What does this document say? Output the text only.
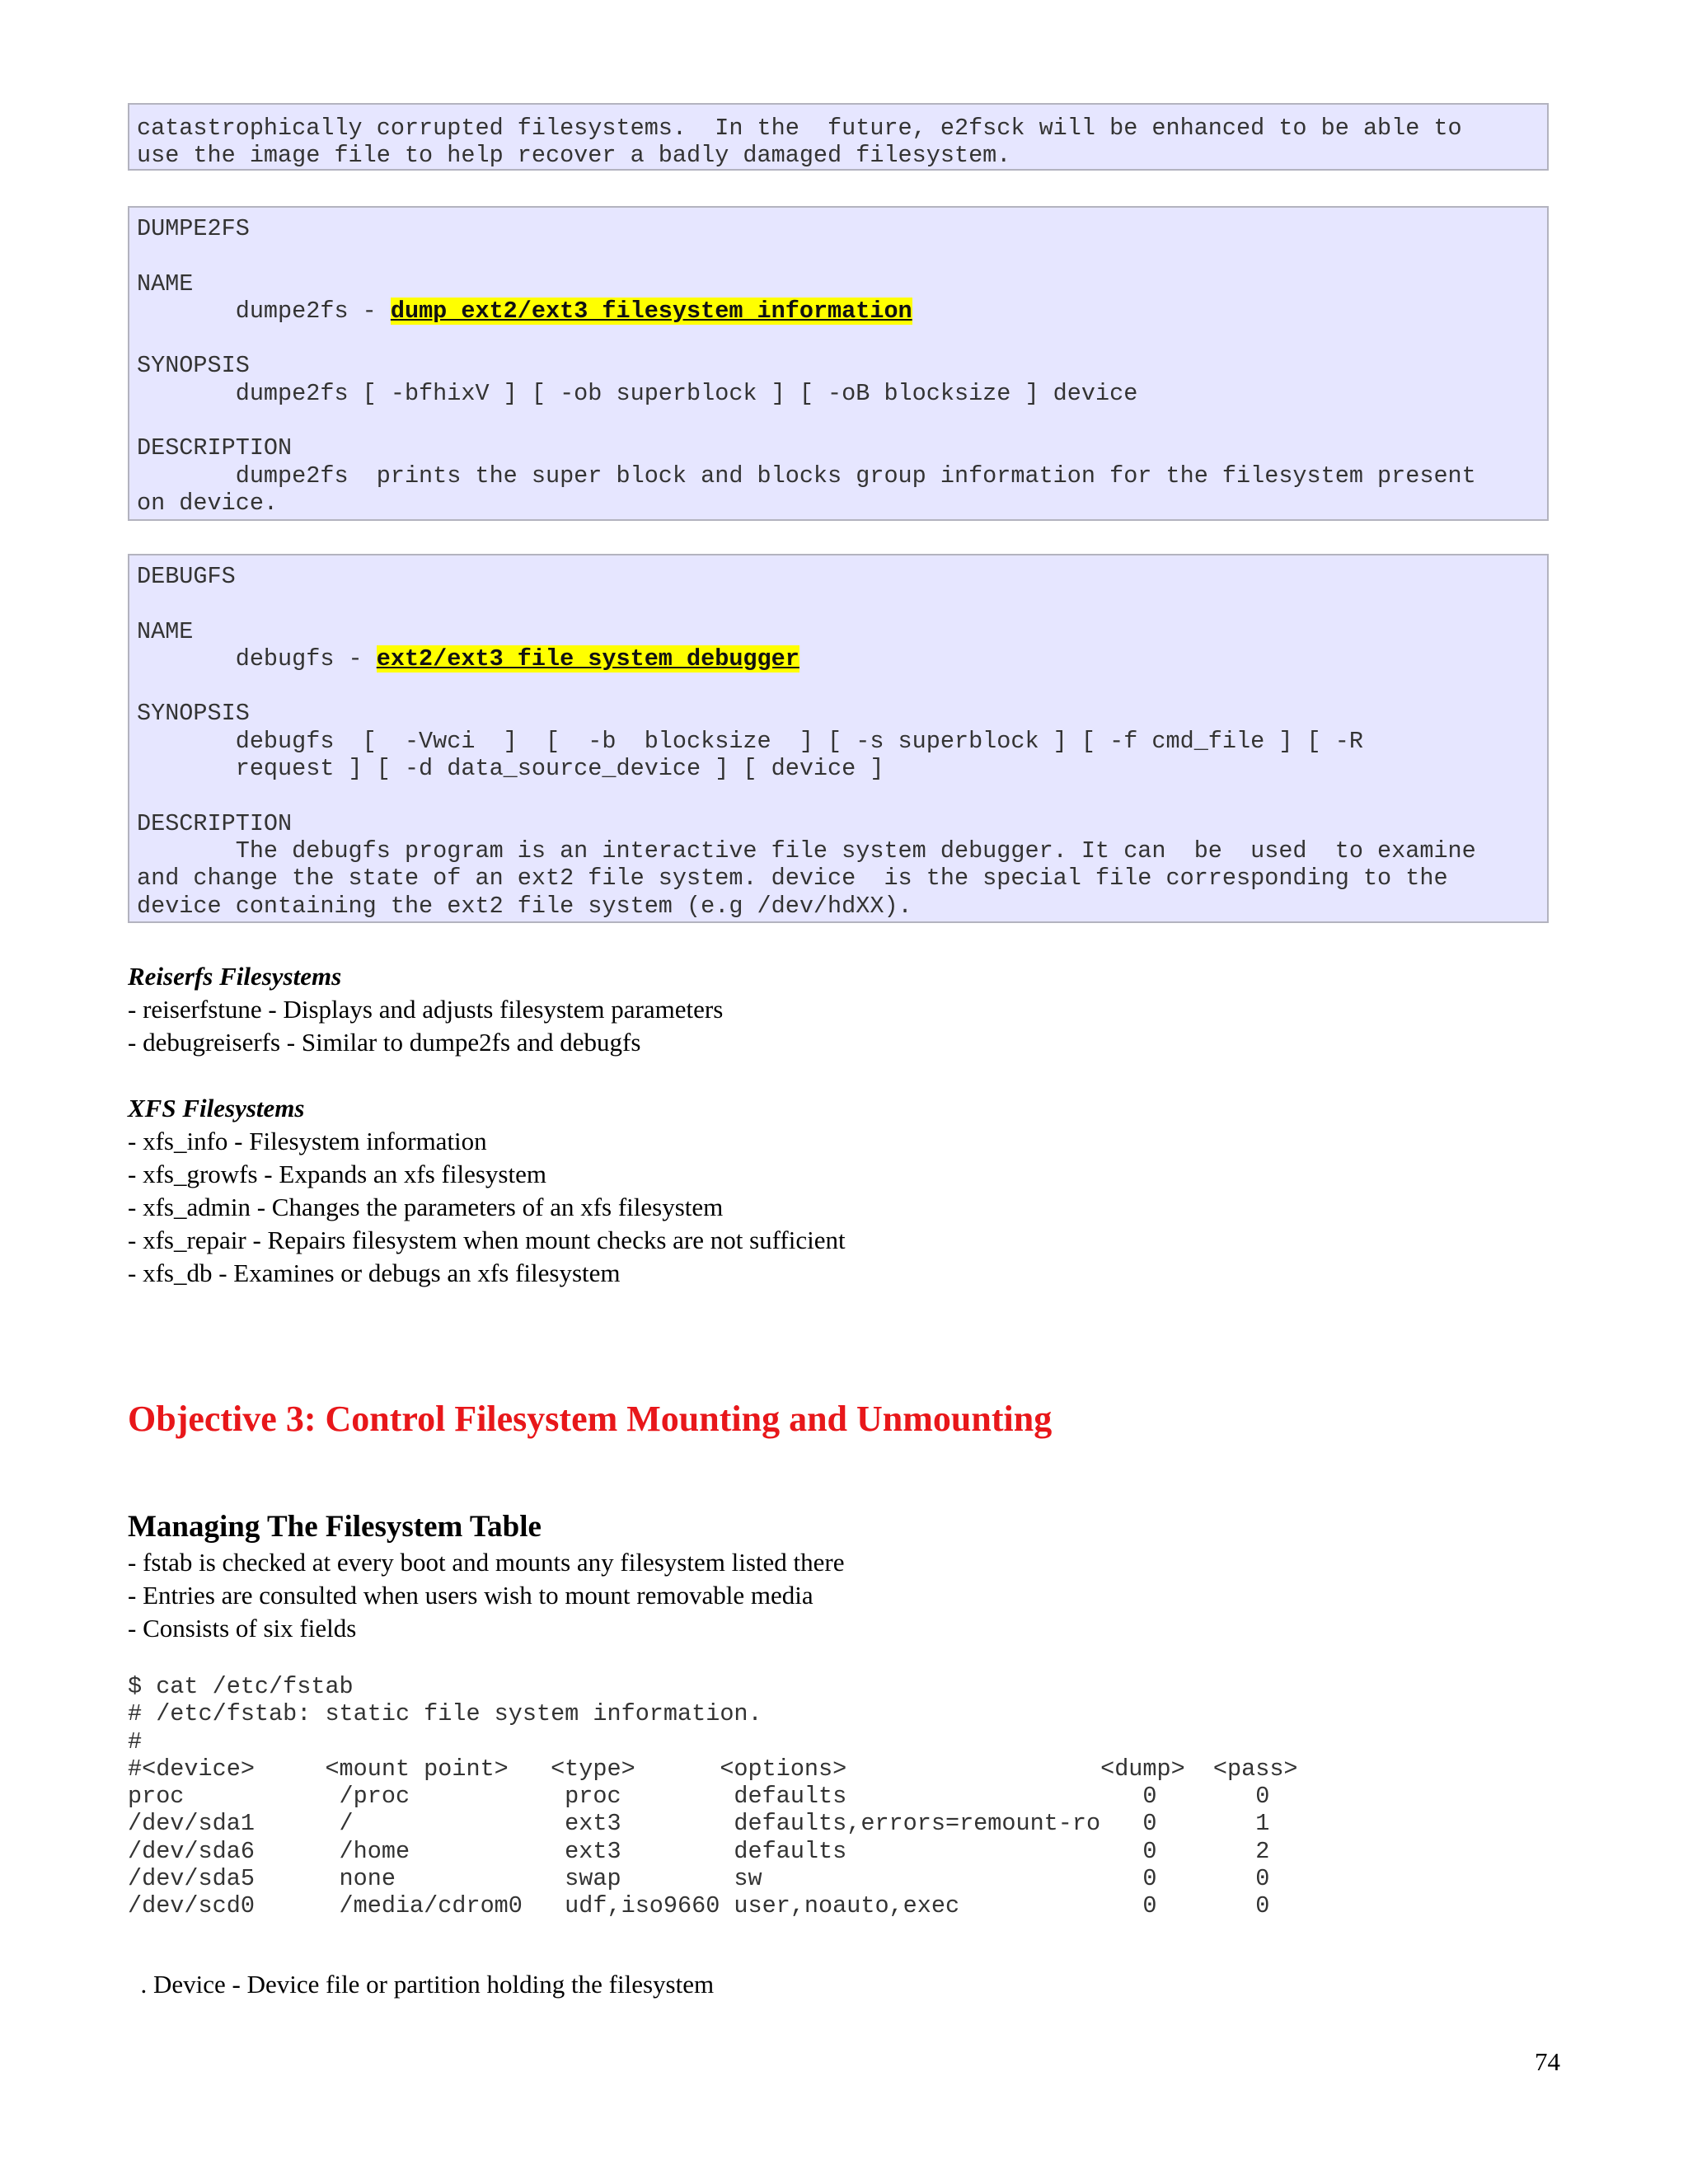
catastrophically corrupted filesystems.  In the  future, e2fsck will be enhanced to be able to
use the image file to help recover a badly damaged filesystem.
DUMPE2FS

NAME
dumpe2fs - dump ext2/ext3 filesystem information

SYNOPSIS
dumpe2fs [ -bfhixV ] [ -ob superblock ] [ -oB blocksize ] device

DESCRIPTION
dumpe2fs  prints the super block and blocks group information for the filesystem present
on device.
DEBUGFS

NAME
debugfs - ext2/ext3 file system debugger

SYNOPSIS
debugfs  [  -Vwci  ]  [  -b  blocksize  ] [ -s superblock ] [ -f cmd_file ] [ -R
request ] [ -d data_source_device ] [ device ]

DESCRIPTION
The debugfs program is an interactive file system debugger. It can  be  used  to examine
and change the state of an ext2 file system. device  is the special file corresponding to the
device containing the ext2 file system (e.g /dev/hdXX).
Reiserfs Filesystems
- reiserfstune - Displays and adjusts filesystem parameters
- debugreiserfs - Similar to dumpe2fs and debugfs
XFS Filesystems
- xfs_info - Filesystem information
- xfs_growfs - Expands an xfs filesystem
- xfs_admin - Changes the parameters of an xfs filesystem
- xfs_repair - Repairs filesystem when mount checks are not sufficient
- xfs_db - Examines or debugs an xfs filesystem
Objective 3: Control Filesystem Mounting and Unmounting
Managing The Filesystem Table
- fstab is checked at every boot and mounts any filesystem listed there
- Entries are consulted when users wish to mount removable media
- Consists of six fields
$ cat /etc/fstab
# /etc/fstab: static file system information.
#
#<device>     <mount point>   <type>      <options>                  <dump>  <pass>
proc           /proc           proc        defaults                     0       0
/dev/sda1      /               ext3        defaults,errors=remount-ro   0       1
/dev/sda6      /home           ext3        defaults                     0       2
/dev/sda5      none            swap        sw                           0       0
/dev/scd0      /media/cdrom0   udf,iso9660 user,noauto,exec             0       0
. Device - Device file or partition holding the filesystem
74
